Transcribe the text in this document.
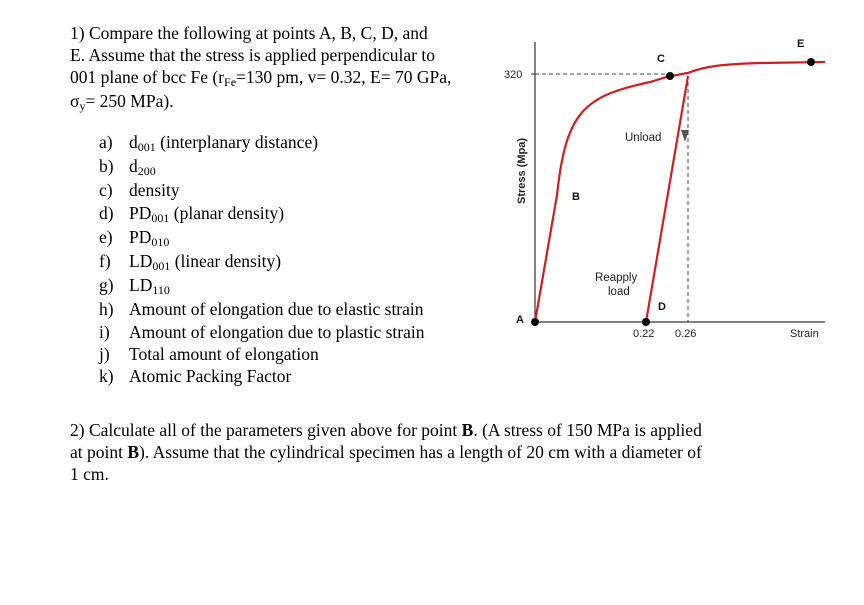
1) Compare the following at points A, B, C, D, and

E. Assume that the stress is applied perpendicular to

001 plane of bcc Fe (rFe=130 pm, v= 0.32, E= 70 GPa,

σy= 250 MPa).

a) d001 (interplanary distance)
b) d200
c) density
d) PD001 (planar density)
e) PD010
f)	LD001 (linear density)
g) LD110
h) Amount of elongation due to elastic strain
i)	Amount of elongation due to plastic strain
j)	Total amount of elongation
k) Atomic Packing Factor
320
Stress (Mpa)
Strain
0.22 0.26
A
B
C
D
E
Unload
Reapply
load

2) Calculate all of the parameters given above for point B. (A stress of 150 MPa is applied

at point B). Assume that the cylindrical specimen has a length of 20 cm with a diameter of

1 cm.
